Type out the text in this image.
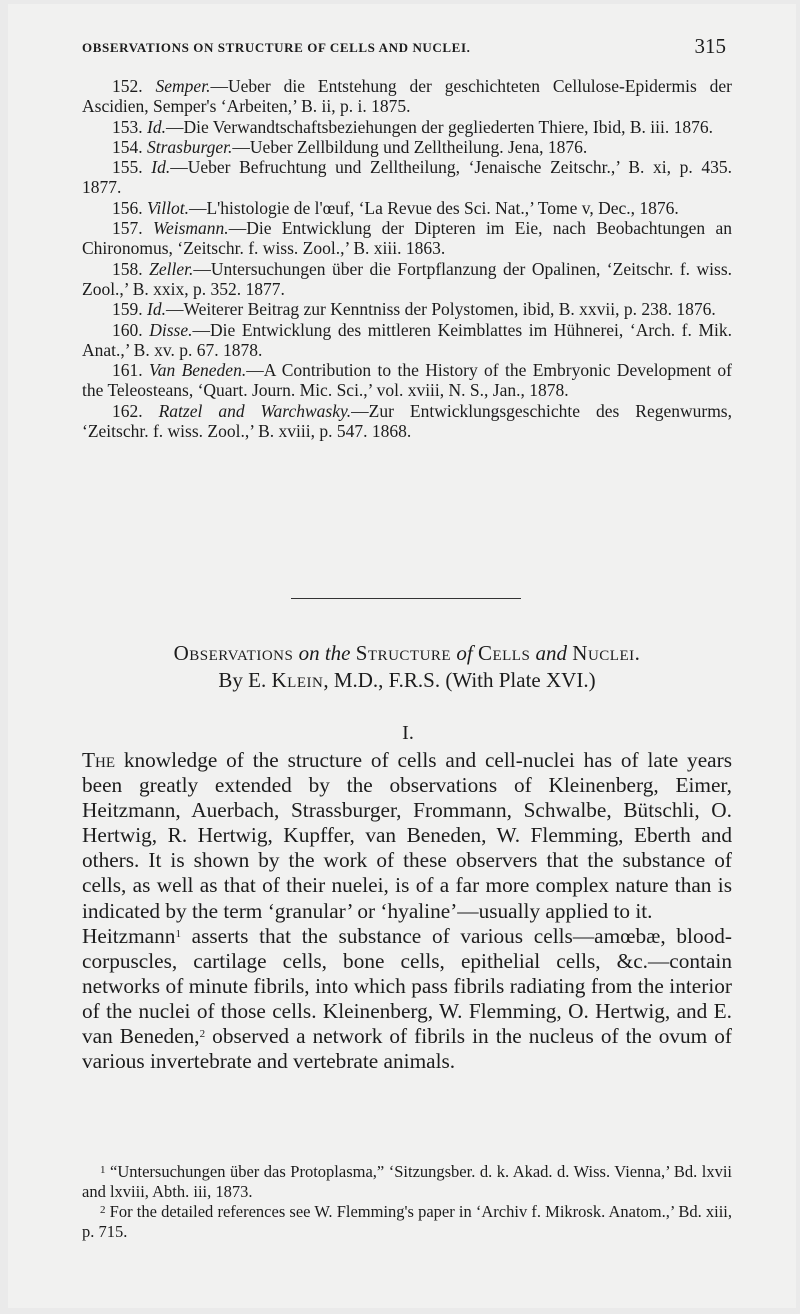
OBSERVATIONS ON STRUCTURE OF CELLS AND NUCLEI.	315

152. Semper.—Ueber die Entstehung der geschichteten Cellulose-Epidermis der Ascidien, Semper's ‘Arbeiten,’ B. ii, p. i. 1875.

153. Id.—Die Verwandtschaftsbeziehungen der gegliederten Thiere, Ibid, B. iii. 1876.

154. Strasburger.—Ueber Zellbildung und Zelltheilung. Jena, 1876.

155. Id.—Ueber Befruchtung und Zelltheilung, ‘Jenaische Zeitschr.,’ B. xi, p. 435. 1877.

156. Villot.—L'histologie de l'œuf, ‘La Revue des Sci. Nat.,’ Tome v, Dec., 1876.

157. Weismann.—Die Entwicklung der Dipteren im Eie, nach Beobachtungen an Chironomus, ‘Zeitschr. f. wiss. Zool.,’ B. xiii. 1863.

158. Zeller.—Untersuchungen über die Fortpflanzung der Opalinen, ‘Zeitschr. f. wiss. Zool.,’ B. xxix, p. 352. 1877.

159. Id.—Weiterer Beitrag zur Kenntniss der Polystomen, ibid, B. xxvii, p. 238. 1876.

160. Disse.—Die Entwicklung des mittleren Keimblattes im Hühnerei, ‘Arch. f. Mik. Anat.,’ B. xv. p. 67. 1878.

161. Van Beneden.—A Contribution to the History of the Embryonic Development of the Teleosteans, ‘Quart. Journ. Mic. Sci.,’ vol. xviii, N. S., Jan., 1878.

162. Ratzel and Warchwasky.—Zur Entwicklungsgeschichte des Regenwurms, ‘Zeitschr. f. wiss. Zool.,’ B. xviii, p. 547. 1868.

Observations on the Structure of Cells and Nuclei.
By E. Klein, M.D., F.R.S. (With Plate XVI.)
I.

The knowledge of the structure of cells and cell-nuclei has of late years been greatly extended by the observations of Kleinenberg, Eimer, Heitzmann, Auerbach, Strassburger, Frommann, Schwalbe, Bütschli, O. Hertwig, R. Hertwig, Kupffer, van Beneden, W. Flemming, Eberth and others. It is shown by the work of these observers that the substance of cells, as well as that of their nuelei, is of a far more complex nature than is indicated by the term ‘granular’ or ‘hyaline’—usually applied to it.

Heitzmann$^1$ asserts that the substance of various cells—amœbæ, blood-corpuscles, cartilage cells, bone cells, epithelial cells, &c.—contain networks of minute fibrils, into which pass fibrils radiating from the interior of the nuclei of those cells. Kleinenberg, W. Flemming, O. Hertwig, and E. van Beneden,$^2$ observed a network of fibrils in the nucleus of the ovum of various invertebrate and vertebrate animals.

$^1$ “Untersuchungen über das Protoplasma,” ‘Sitzungsber. d. k. Akad. d. Wiss. Vienna,’ Bd. lxvii and lxviii, Abth. iii, 1873.

$^2$ For the detailed references see W. Flemming's paper in ‘Archiv f. Mikrosk. Anatom.,’ Bd. xiii, p. 715.
